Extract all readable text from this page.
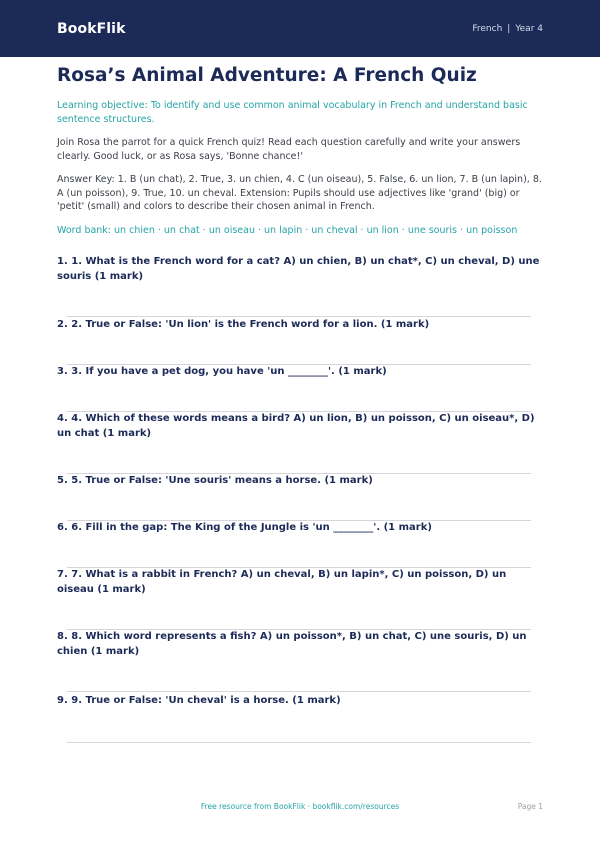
BookFlik	French | Year 4
Rosa’s Animal Adventure: A French Quiz

Learning objective: To identify and use common animal vocabulary in French and understand basic sentence structures.

Join Rosa the parrot for a quick French quiz! Read each question carefully and write your answers clearly. Good luck, or as Rosa says, 'Bonne chance!'

Answer Key: 1. B (un chat), 2. True, 3. un chien, 4. C (un oiseau), 5. False, 6. un lion, 7. B (un lapin), 8. A (un poisson), 9. True, 10. un cheval. Extension: Pupils should use adjectives like 'grand' (big) or 'petit' (small) and colors to describe their chosen animal in French.

Word bank: un chien · un chat · un oiseau · un lapin · un cheval · un lion · une souris · un poisson

1. 1. What is the French word for a cat? A) un chien, B) un chat*, C) un cheval, D) une souris (1 mark)

2. 2. True or False: 'Un lion' is the French word for a lion. (1 mark)

3. 3. If you have a pet dog, you have 'un ________'. (1 mark)

4. 4. Which of these words means a bird? A) un lion, B) un poisson, C) un oiseau*, D) un chat (1 mark)

5. 5. True or False: 'Une souris' means a horse. (1 mark)

6. 6. Fill in the gap: The King of the Jungle is 'un ________'. (1 mark)

7. 7. What is a rabbit in French? A) un cheval, B) un lapin*, C) un poisson, D) un oiseau (1 mark)

8. 8. Which word represents a fish? A) un poisson*, B) un chat, C) une souris, D) un chien (1 mark)

9. 9. True or False: 'Un cheval' is a horse. (1 mark)

Free resource from BookFlik · bookflik.com/resources	Page 1
